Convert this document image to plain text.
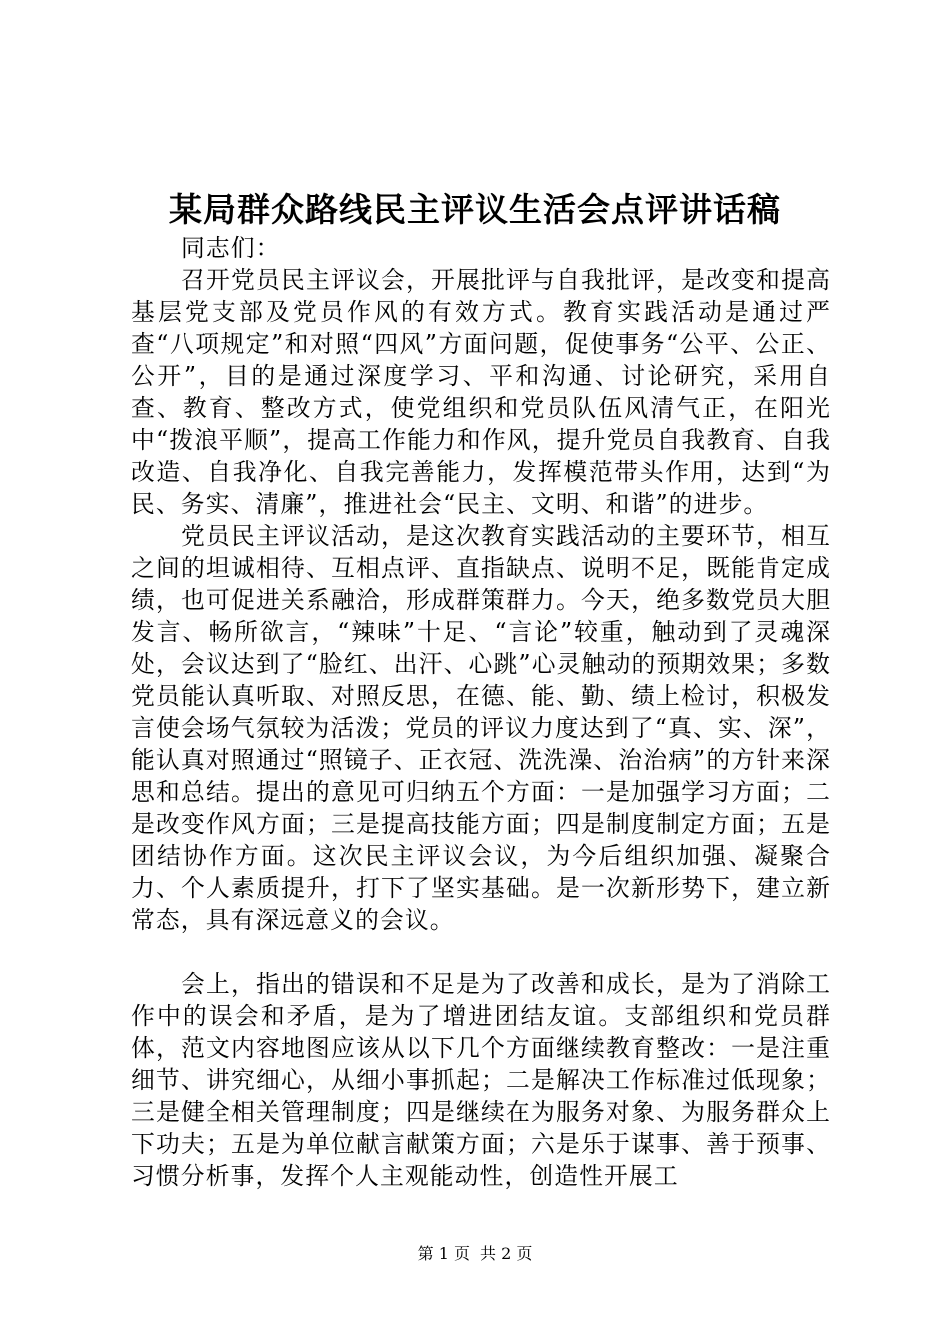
某局群众路线民主评议生活会点评讲话稿

同志们：

召开党员民主评议会，开展批评与自我批评，是改变和提高基层党支部及党员作风的有效方式。教育实践活动是通过严查“八项规定”和对照“四风”方面问题，促使事务“公平、公正、公开”，目的是通过深度学习、平和沟通、讨论研究，采用自查、教育、整改方式，使党组织和党员队伍风清气正，在阳光中“拨浪平顺”，提高工作能力和作风，提升党员自我教育、自我改造、自我净化、自我完善能力，发挥模范带头作用，达到“为民、务实、清廉”，推进社会“民主、文明、和谐”的进步。

党员民主评议活动，是这次教育实践活动的主要环节，相互之间的坦诚相待、互相点评、直指缺点、说明不足，既能肯定成绩，也可促进关系融洽，形成群策群力。今天，绝多数党员大胆发言、畅所欲言，“辣味”十足、“言论”较重，触动到了灵魂深处，会议达到了“脸红、出汗、心跳”心灵触动的预期效果；多数党员能认真听取、对照反思，在德、能、勤、绩上检讨，积极发言使会场气氛较为活泼；党员的评议力度达到了“真、实、深”，能认真对照通过“照镜子、正衣冠、洗洗澡、治治病”的方针来深思和总结。提出的意见可归纳五个方面：一是加强学习方面；二是改变作风方面；三是提高技能方面；四是制度制定方面；五是团结协作方面。这次民主评议会议，为今后组织加强、凝聚合力、个人素质提升，打下了坚实基础。是一次新形势下，建立新常态，具有深远意义的会议。

会上，指出的错误和不足是为了改善和成长，是为了消除工作中的误会和矛盾，是为了增进团结友谊。支部组织和党员群体，范文内容地图应该从以下几个方面继续教育整改：一是注重细节、讲究细心，从细小事抓起；二是解决工作标准过低现象；三是健全相关管理制度；四是继续在为服务对象、为服务群众上下功夫；五是为单位献言献策方面；六是乐于谋事、善于预事、习惯分析事，发挥个人主观能动性，创造性开展工

第 1 页 共 2 页
